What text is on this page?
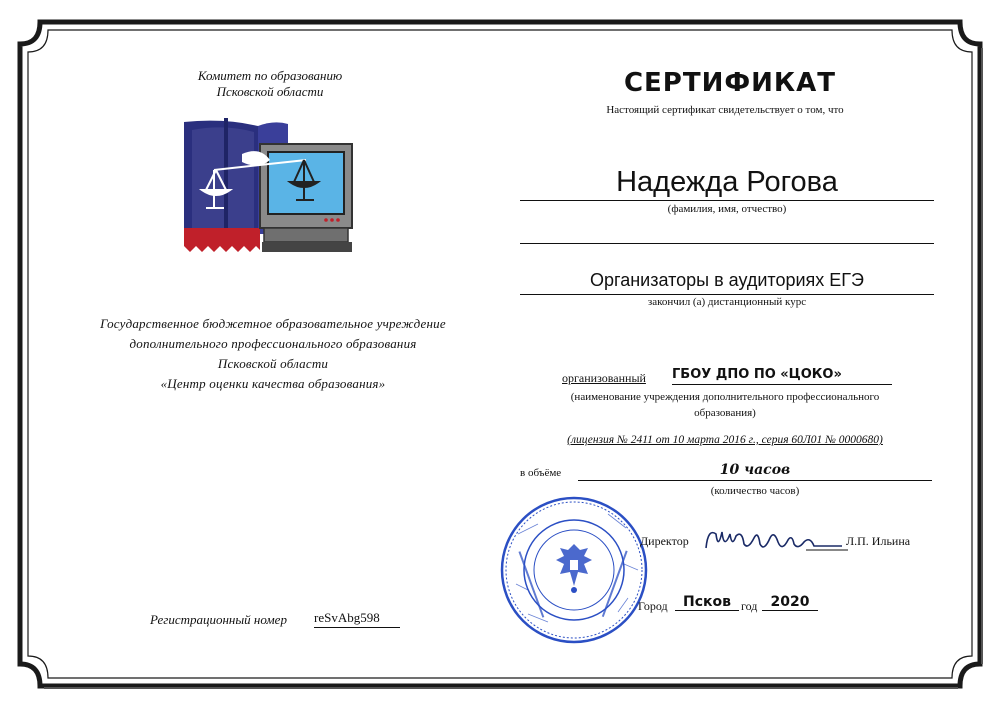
Комитет по образованию
Псковской области
Государственное бюджетное образовательное учреждение
дополнительного профессионального образования
Псковской области
«Центр оценки качества образования»
Регистрационный номер reSvAbg598
СЕРТИФИКАТ
Настоящий сертификат свидетельствует о том, что
Надежда Рогова
(фамилия, имя, отчество)
Организаторы в аудиториях ЕГЭ
закончил (а) дистанционный курс
организованный ГБОУ ДПО ПО «ЦОКО»
(наименование учреждения дополнительного профессионального
образования)
(лицензия № 2411 от 10 марта 2016 г., серия 60Л01 № 0000680)
в объёме	10 часов
(количество часов)
Директор	Л.П. Ильина
Город	Псков год 2020
